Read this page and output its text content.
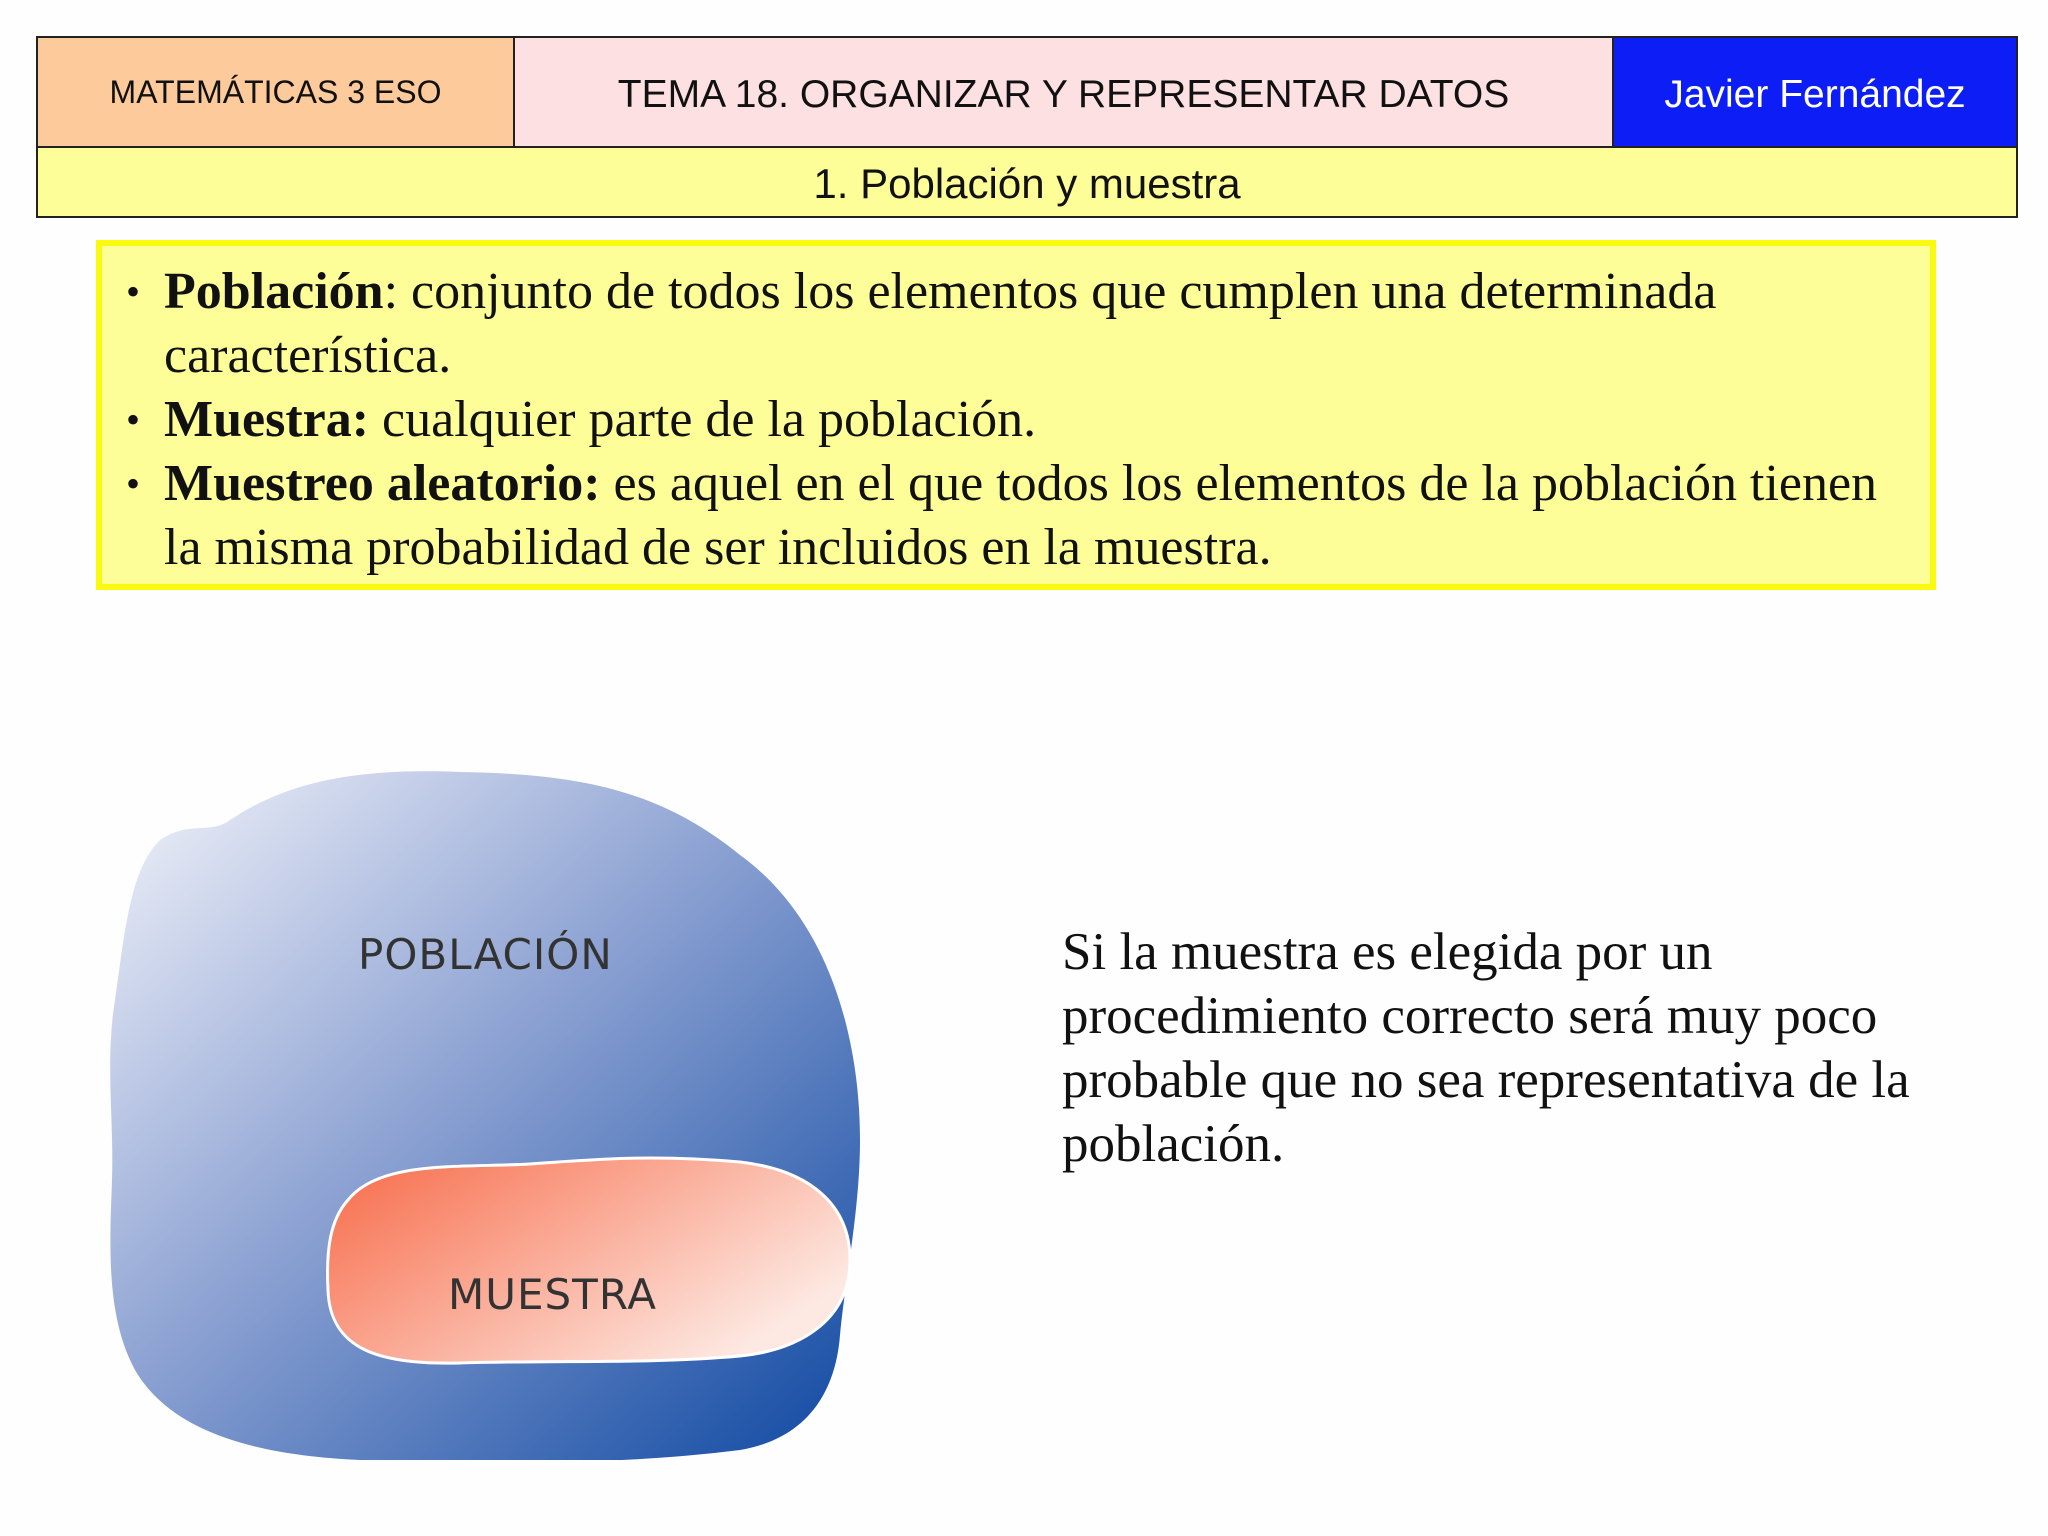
MATEMÁTICAS 3 ESO	TEMA 18. ORGANIZAR Y REPRESENTAR DATOS	Javier Fernández
1. Población y muestra
• Población: conjunto de todos los elementos que cumplen una determinada característica.
• Muestra: cualquier parte de la población.
• Muestreo aleatorio: es aquel en el que todos los elementos de la población tienen la misma probabilidad de ser incluidos en la muestra.
POBLACIÓN
MUESTRA
Si la muestra es elegida por un procedimiento correcto será muy poco probable que no sea representativa de la población.
